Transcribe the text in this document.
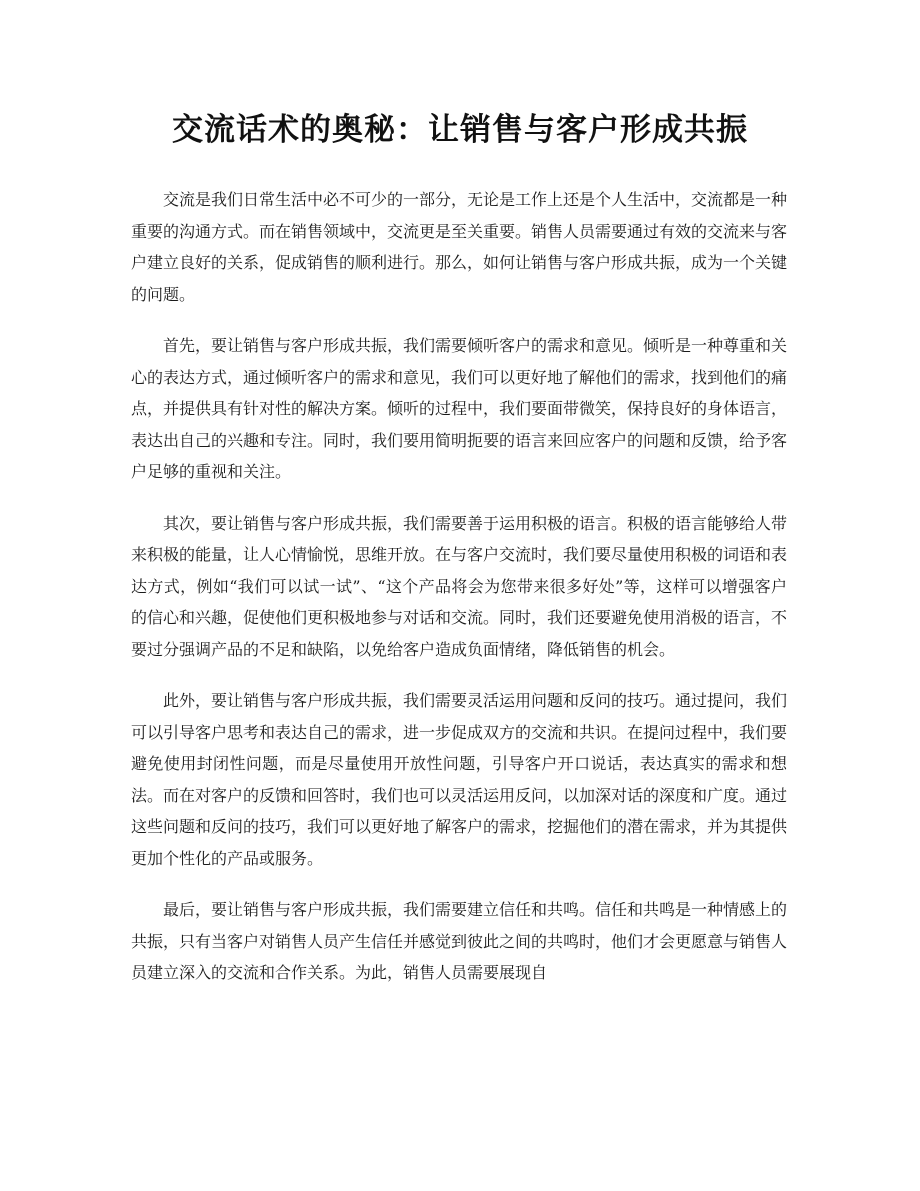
交流话术的奥秘：让销售与客户形成共振

交流是我们日常生活中必不可少的一部分，无论是工作上还是个人生活中，交流都是一种重要的沟通方式。而在销售领域中，交流更是至关重要。销售人员需要通过有效的交流来与客户建立良好的关系，促成销售的顺利进行。那么，如何让销售与客户形成共振，成为一个关键的问题。

首先，要让销售与客户形成共振，我们需要倾听客户的需求和意见。倾听是一种尊重和关心的表达方式，通过倾听客户的需求和意见，我们可以更好地了解他们的需求，找到他们的痛点，并提供具有针对性的解决方案。倾听的过程中，我们要面带微笑，保持良好的身体语言，表达出自己的兴趣和专注。同时，我们要用简明扼要的语言来回应客户的问题和反馈，给予客户足够的重视和关注。

其次，要让销售与客户形成共振，我们需要善于运用积极的语言。积极的语言能够给人带来积极的能量，让人心情愉悦，思维开放。在与客户交流时，我们要尽量使用积极的词语和表达方式，例如“我们可以试一试”、“这个产品将会为您带来很多好处”等，这样可以增强客户的信心和兴趣，促使他们更积极地参与对话和交流。同时，我们还要避免使用消极的语言，不要过分强调产品的不足和缺陷，以免给客户造成负面情绪，降低销售的机会。

此外，要让销售与客户形成共振，我们需要灵活运用问题和反问的技巧。通过提问，我们可以引导客户思考和表达自己的需求，进一步促成双方的交流和共识。在提问过程中，我们要避免使用封闭性问题，而是尽量使用开放性问题，引导客户开口说话，表达真实的需求和想法。而在对客户的反馈和回答时，我们也可以灵活运用反问，以加深对话的深度和广度。通过这些问题和反问的技巧，我们可以更好地了解客户的需求，挖掘他们的潜在需求，并为其提供更加个性化的产品或服务。

最后，要让销售与客户形成共振，我们需要建立信任和共鸣。信任和共鸣是一种情感上的共振，只有当客户对销售人员产生信任并感觉到彼此之间的共鸣时，他们才会更愿意与销售人员建立深入的交流和合作关系。为此，销售人员需要展现自
